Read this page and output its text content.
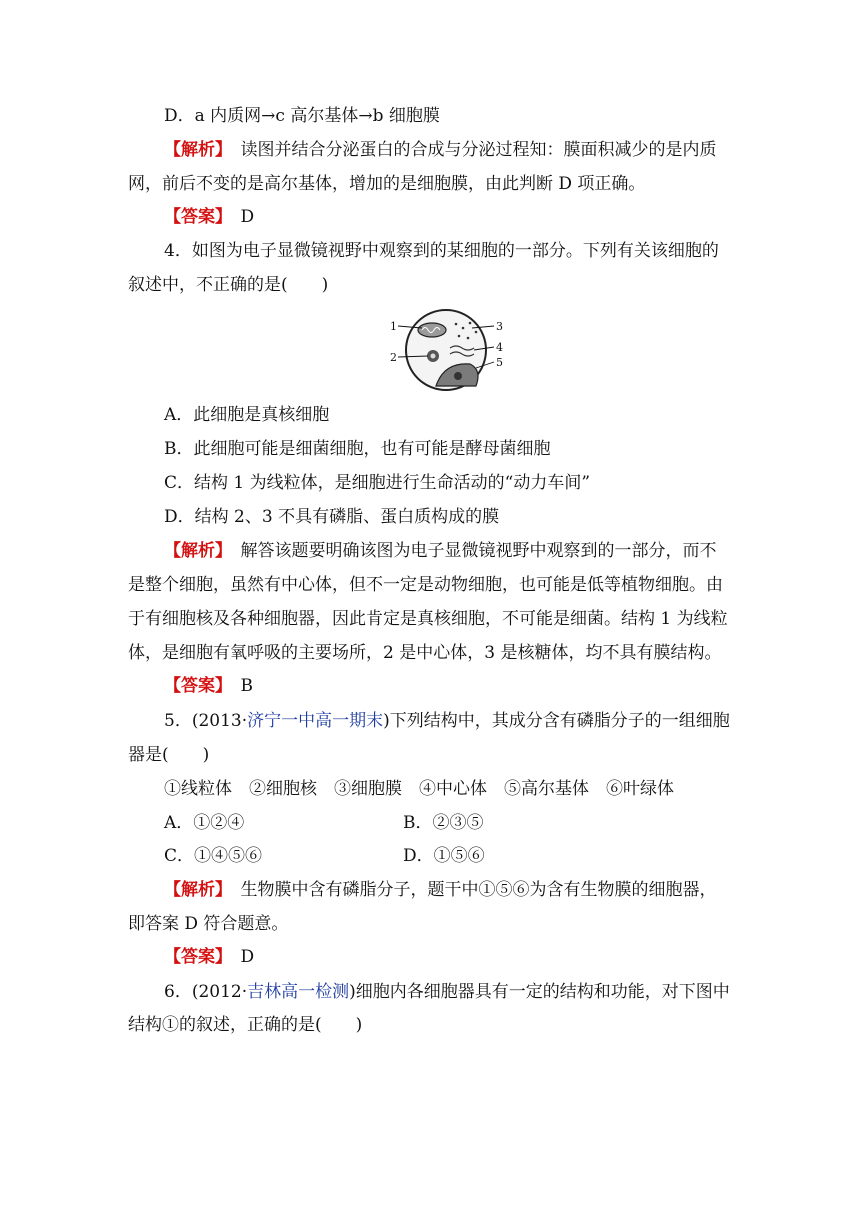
D．a 内质网→c 高尔基体→b 细胞膜
【解析】　 读图并结合分泌蛋白的合成与分泌过程知：膜面积减少的是内质
网，前后不变的是高尔基体，增加的是细胞膜，由此判断 D 项正确。
【答案】　 D
4．如图为电子显微镜视野中观察到的某细胞的一部分。下列有关该细胞的
叙述中，不正确的是(　　)
1
2
3
4
5
A．此细胞是真核细胞
B．此细胞可能是细菌细胞，也有可能是酵母菌细胞
C．结构 1 为线粒体，是细胞进行生命活动的“动力车间”
D．结构 2、3 不具有磷脂、蛋白质构成的膜
【解析】　 解答该题要明确该图为电子显微镜视野中观察到的一部分，而不
是整个细胞，虽然有中心体，但不一定是动物细胞，也可能是低等植物细胞。由
于有细胞核及各种细胞器，因此肯定是真核细胞，不可能是细菌。结构 1 为线粒
体，是细胞有氧呼吸的主要场所，2 是中心体，3 是核糖体，均不具有膜结构。
【答案】　 B
5．(2013·济宁一中高一期末)下列结构中，其成分含有磷脂分子的一组细胞
器是(　　)
①线粒体　②细胞核　③细胞膜　④中心体　⑤高尔基体　⑥叶绿体
A．①②④	B．②③⑤
C．①④⑤⑥	D．①⑤⑥
【解析】　 生物膜中含有磷脂分子，题干中①⑤⑥为含有生物膜的细胞器，
即答案 D 符合题意。
【答案】　 D
6．(2012·吉林高一检测)细胞内各细胞器具有一定的结构和功能，对下图中
结构①的叙述，正确的是(　　)
